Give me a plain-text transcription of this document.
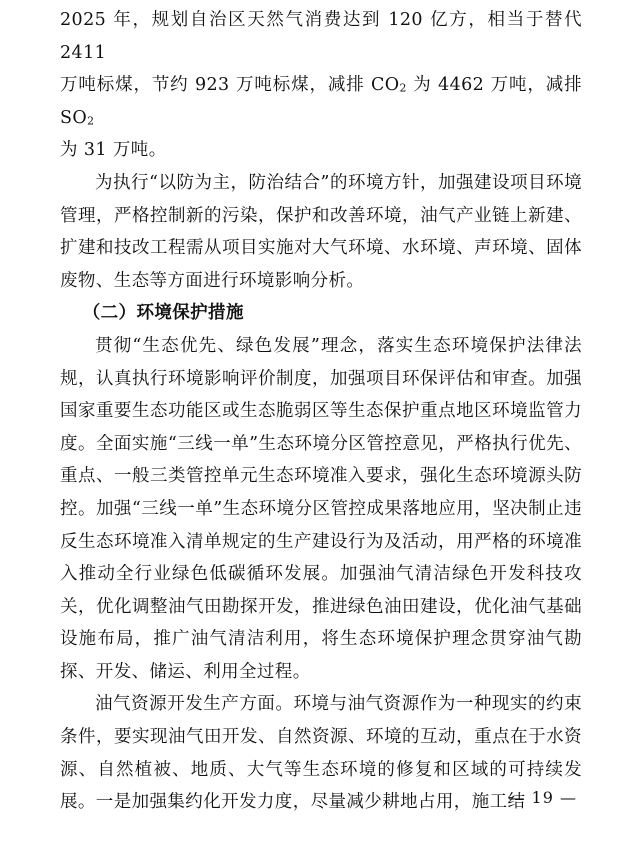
2025 年，规划自治区天然气消费达到 120 亿方，相当于替代 2411
万吨标煤，节约 923 万吨标煤，减排 $CO_2$ 为 4462 万吨，减排 $SO_2$
为 31 万吨。

为执行“以防为主，防治结合”的环境方针，加强建设项目环境管理，严格控制新的污染，保护和改善环境，油气产业链上新建、扩建和技改工程需从项目实施对大气环境、水环境、声环境、固体废物、生态等方面进行环境影响分析。

（二）环境保护措施

贯彻“生态优先、绿色发展”理念，落实生态环境保护法律法规，认真执行环境影响评价制度，加强项目环保评估和审查。加强国家重要生态功能区或生态脆弱区等生态保护重点地区环境监管力度。全面实施“三线一单”生态环境分区管控意见，严格执行优先、重点、一般三类管控单元生态环境准入要求，强化生态环境源头防控。加强“三线一单”生态环境分区管控成果落地应用，坚决制止违反生态环境准入清单规定的生产建设行为及活动，用严格的环境准入推动全行业绿色低碳循环发展。加强油气清洁绿色开发科技攻关，优化调整油气田勘探开发，推进绿色油田建设，优化油气基础设施布局，推广油气清洁利用，将生态环境保护理念贯穿油气勘探、开发、储运、利用全过程。

油气资源开发生产方面。环境与油气资源作为一种现实的约束条件，要实现油气田开发、自然资源、环境的互动，重点在于水资源、自然植被、地质、大气等生态环境的修复和区域的可持续发展。一是加强集约化开发力度，尽量减少耕地占用，施工结

— 19 —
